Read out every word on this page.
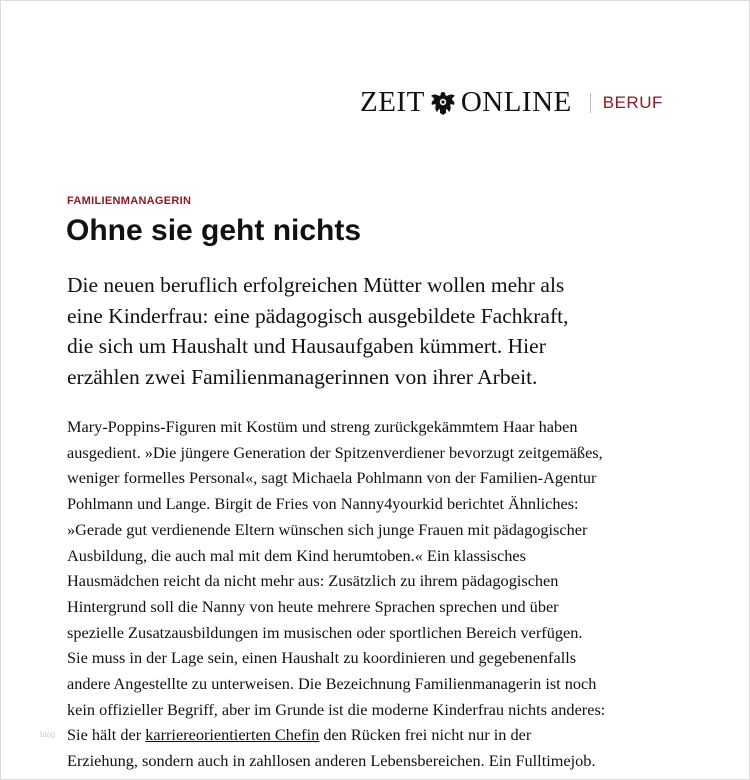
ZEIT ONLINE BERUF
FAMILIENMANAGERIN
Ohne sie geht nichts

Die neuen beruflich erfolgreichen Mütter wollen mehr als
eine Kinderfrau: eine pädagogisch ausgebildete Fachkraft,
die sich um Haushalt und Hausaufgaben kümmert. Hier
erzählen zwei Familienmanagerinnen von ihrer Arbeit.

Mary-Poppins-Figuren mit Kostüm und streng zurückgekämmtem Haar haben
ausgedient. »Die jüngere Generation der Spitzenverdiener bevorzugt zeitgemäßes,
weniger formelles Personal«, sagt Michaela Pohlmann von der Familien-Agentur
Pohlmann und Lange. Birgit de Fries von Nanny4yourkid berichtet Ähnliches:
»Gerade gut verdienende Eltern wünschen sich junge Frauen mit pädagogischer
Ausbildung, die auch mal mit dem Kind herumtoben.« Ein klassisches
Hausmädchen reicht da nicht mehr aus: Zusätzlich zu ihrem pädagogischen
Hintergrund soll die Nanny von heute mehrere Sprachen sprechen und über
spezielle Zusatzausbildungen im musischen oder sportlichen Bereich verfügen.
Sie muss in der Lage sein, einen Haushalt zu koordinieren und gegebenenfalls
andere Angestellte zu unterweisen. Die Bezeichnung Familienmanagerin ist noch
kein offizieller Begriff, aber im Grunde ist die moderne Kinderfrau nichts anderes:
Sie hält der karriereorientierten Chefin den Rücken frei nicht nur in der
Erziehung, sondern auch in zahllosen anderen Lebensbereichen. Ein Fulltimejob.

blog
